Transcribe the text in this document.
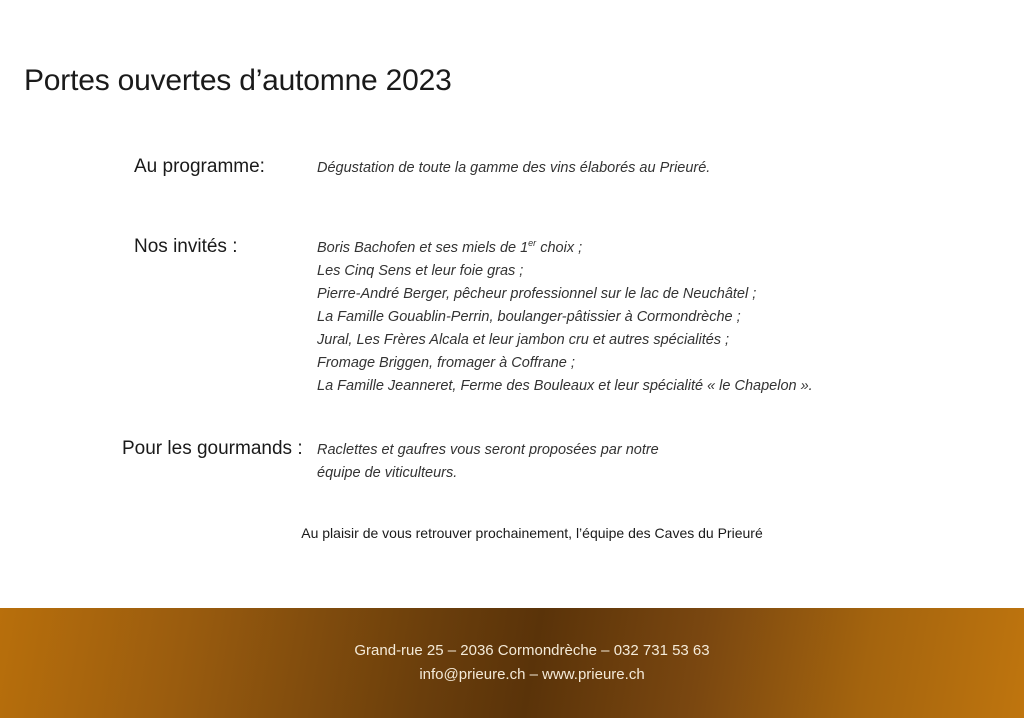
Portes ouvertes d’automne 2023
Au programme:	Dégustation de toute la gamme des vins élaborés au Prieuré.
Nos invités :	Boris Bachofen et ses miels de 1er choix ;
Les Cinq Sens et leur foie gras ;
Pierre-André Berger, pêcheur professionnel sur le lac de Neuchâtel ;
La Famille Gouablin-Perrin, boulanger-pâtissier à Cormondrèche ;
Jural, Les Frères Alcala et leur jambon cru et autres spécialités ;
Fromage Briggen, fromager à Coffrane ;
La Famille Jeanneret, Ferme des Bouleaux et leur spécialité « le Chapelon ».
Pour les gourmands : Raclettes et gaufres vous seront proposées par notre
équipe de viticulteurs.
Au plaisir de vous retrouver prochainement, l’équipe des Caves du Prieuré
Grand-rue 25 – 2036 Cormondrèche – 032 731 53 63
info@prieure.ch – www.prieure.ch
